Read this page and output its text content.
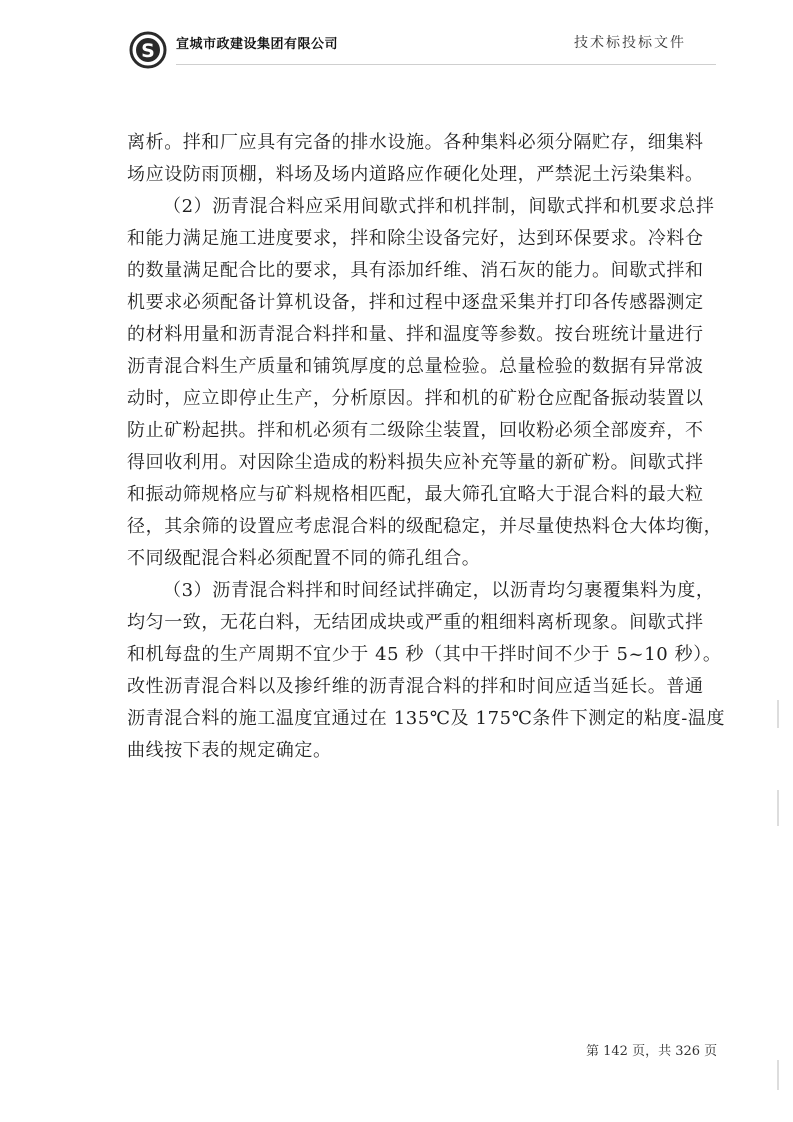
S 宣城市政建设集团有限公司	技术标投标文件
离析。拌和厂应具有完备的排水设施。各种集料必须分隔贮存，细集料
场应设防雨顶棚，料场及场内道路应作硬化处理，严禁泥土污染集料。
（2）沥青混合料应采用间歇式拌和机拌制，间歇式拌和机要求总拌
和能力满足施工进度要求，拌和除尘设备完好，达到环保要求。冷料仓
的数量满足配合比的要求，具有添加纤维、消石灰的能力。间歇式拌和
机要求必须配备计算机设备，拌和过程中逐盘采集并打印各传感器测定
的材料用量和沥青混合料拌和量、拌和温度等参数。按台班统计量进行
沥青混合料生产质量和铺筑厚度的总量检验。总量检验的数据有异常波
动时，应立即停止生产，分析原因。拌和机的矿粉仓应配备振动装置以
防止矿粉起拱。拌和机必须有二级除尘装置，回收粉必须全部废弃，不
得回收利用。对因除尘造成的粉料损失应补充等量的新矿粉。间歇式拌
和振动筛规格应与矿料规格相匹配，最大筛孔宜略大于混合料的最大粒
径，其余筛的设置应考虑混合料的级配稳定，并尽量使热料仓大体均衡，
不同级配混合料必须配置不同的筛孔组合。
（3）沥青混合料拌和时间经试拌确定，以沥青均匀裹覆集料为度，
均匀一致，无花白料，无结团成块或严重的粗细料离析现象。间歇式拌
和机每盘的生产周期不宜少于 45 秒（其中干拌时间不少于 5~10 秒）。
改性沥青混合料以及掺纤维的沥青混合料的拌和时间应适当延长。普通
沥青混合料的施工温度宜通过在 135℃及 175℃条件下测定的粘度-温度
曲线按下表的规定确定。
第 142 页，共 326 页
